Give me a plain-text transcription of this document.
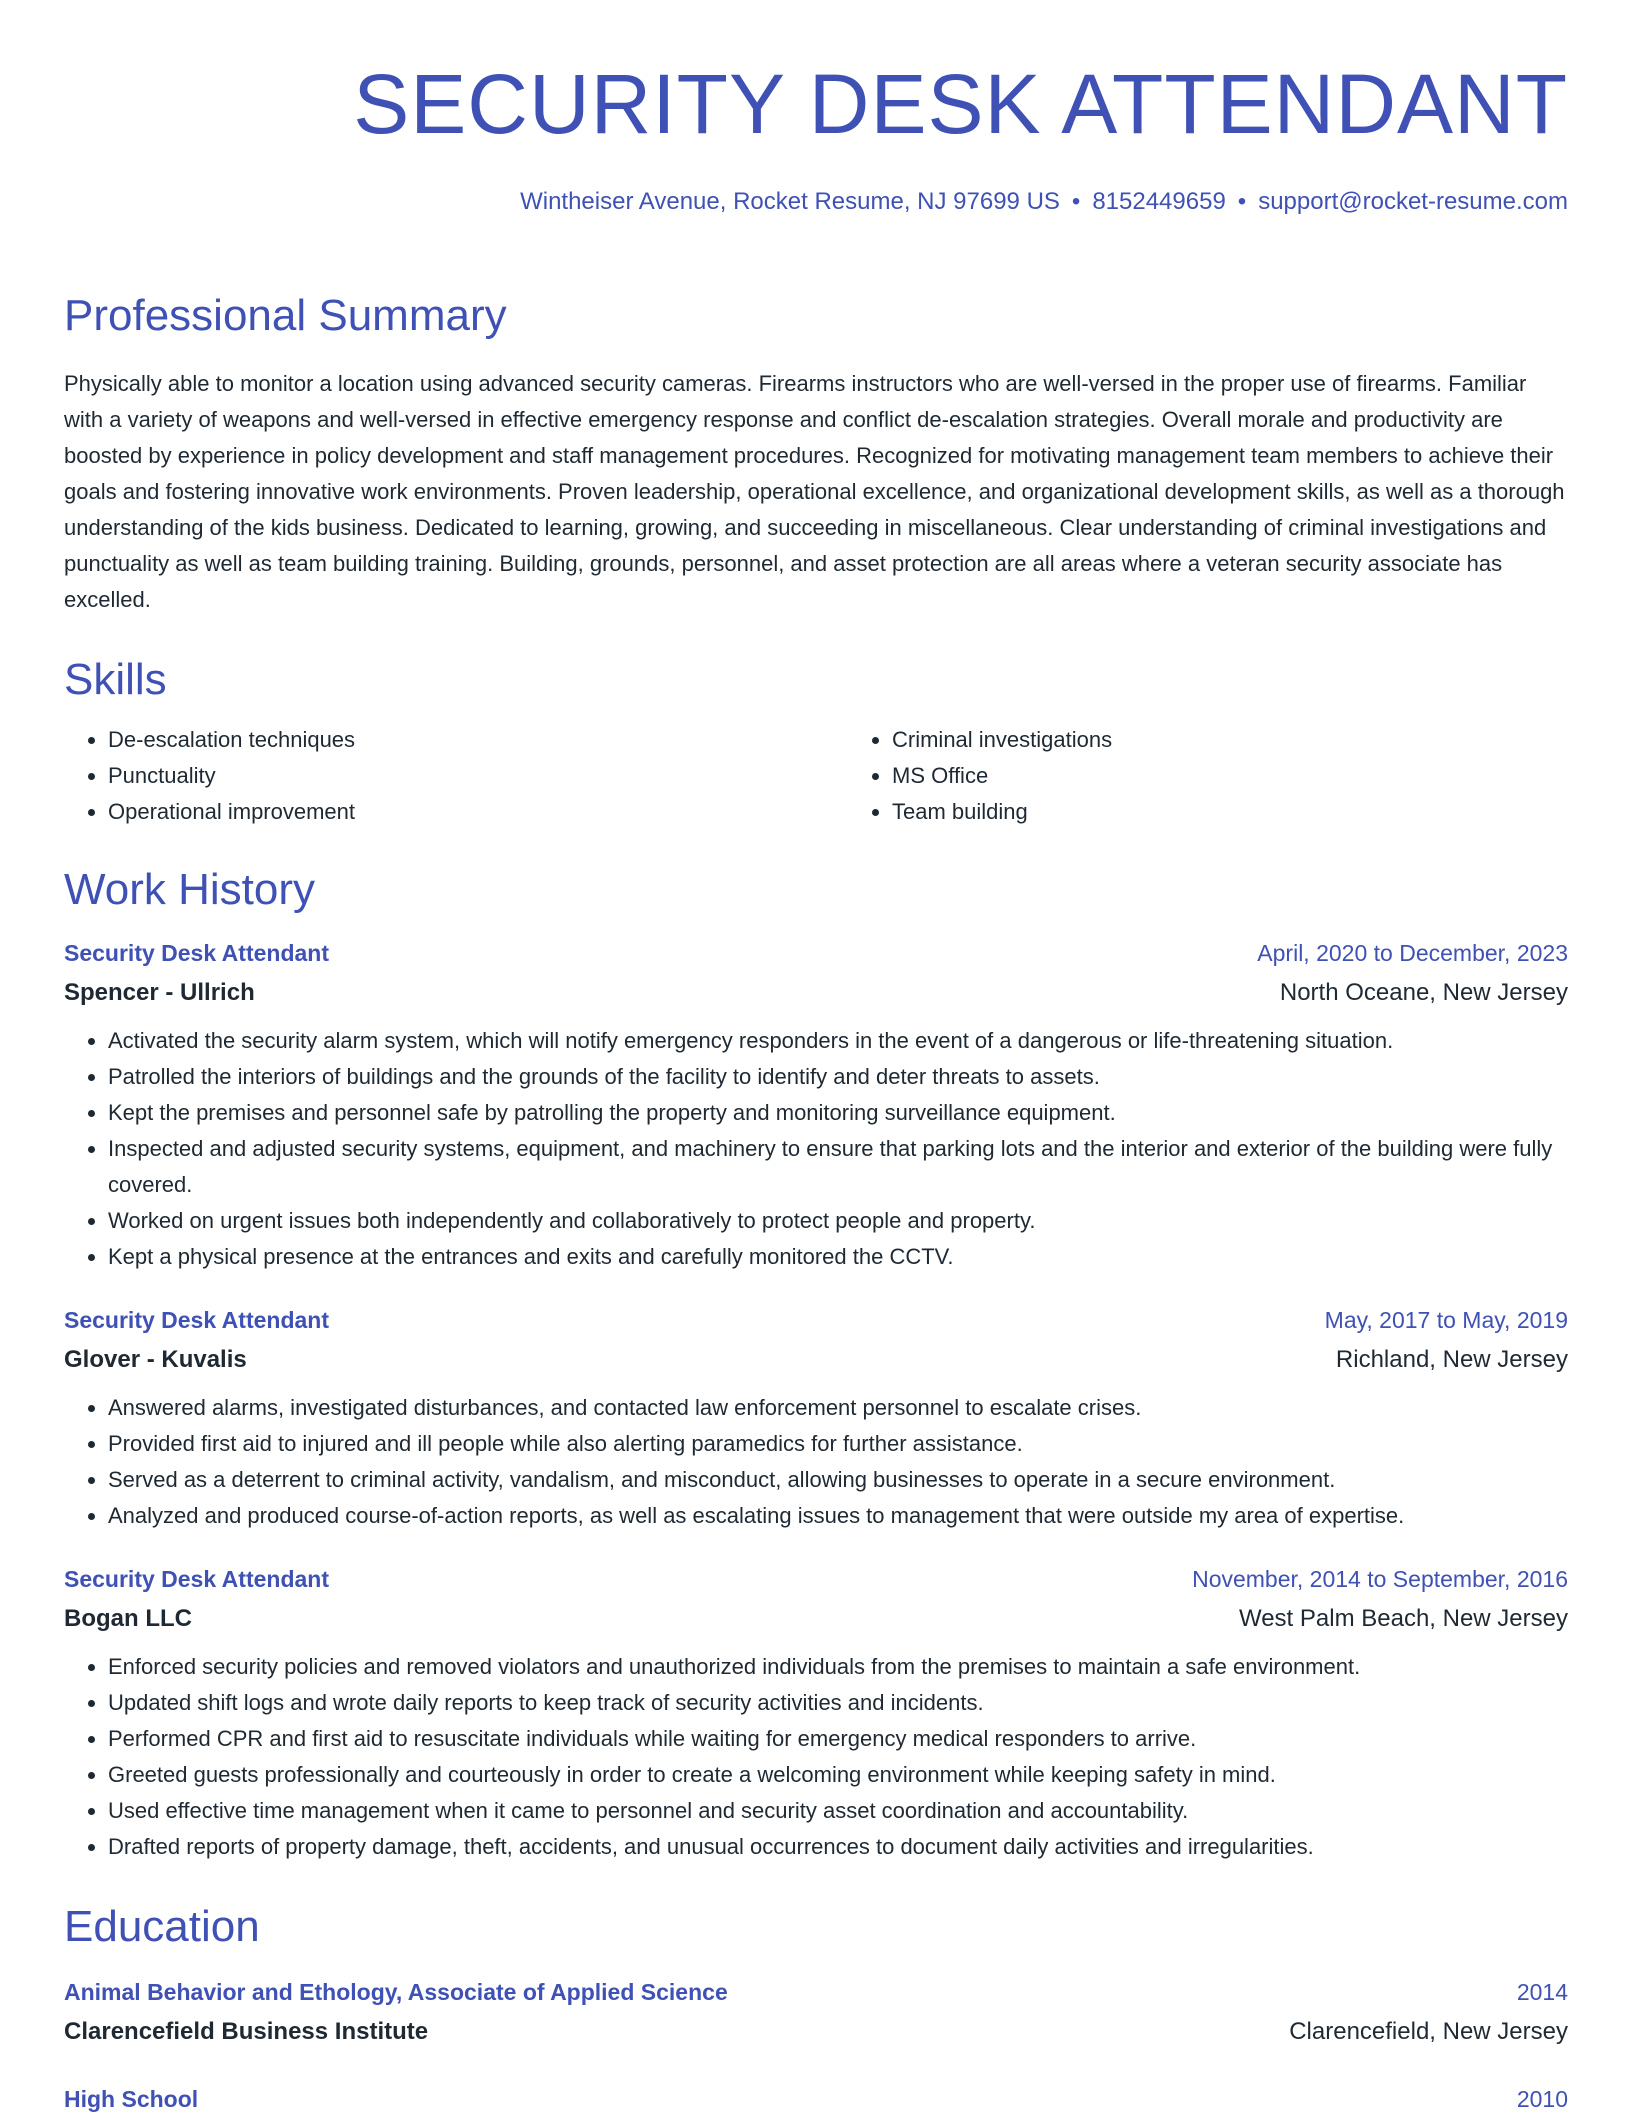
SECURITY DESK ATTENDANT
Wintheiser Avenue, Rocket Resume, NJ 97699 US • 8152449659 • support@rocket-resume.com
Professional Summary
Physically able to monitor a location using advanced security cameras. Firearms instructors who are well-versed in the proper use of firearms. Familiar with a variety of weapons and well-versed in effective emergency response and conflict de-escalation strategies. Overall morale and productivity are boosted by experience in policy development and staff management procedures. Recognized for motivating management team members to achieve their goals and fostering innovative work environments. Proven leadership, operational excellence, and organizational development skills, as well as a thorough understanding of the kids business. Dedicated to learning, growing, and succeeding in miscellaneous. Clear understanding of criminal investigations and punctuality as well as team building training. Building, grounds, personnel, and asset protection are all areas where a veteran security associate has excelled.
Skills
• De-escalation techniques
• Punctuality
• Operational improvement
• Criminal investigations
• MS Office
• Team building
Work History
Security Desk Attendant	April, 2020 to December, 2023
Spencer - Ullrich	North Oceane, New Jersey
• Activated the security alarm system, which will notify emergency responders in the event of a dangerous or life-threatening situation.
• Patrolled the interiors of buildings and the grounds of the facility to identify and deter threats to assets.
• Kept the premises and personnel safe by patrolling the property and monitoring surveillance equipment.
• Inspected and adjusted security systems, equipment, and machinery to ensure that parking lots and the interior and exterior of the building were fully covered.
• Worked on urgent issues both independently and collaboratively to protect people and property.
• Kept a physical presence at the entrances and exits and carefully monitored the CCTV.
Security Desk Attendant	May, 2017 to May, 2019
Glover - Kuvalis	Richland, New Jersey
• Answered alarms, investigated disturbances, and contacted law enforcement personnel to escalate crises.
• Provided first aid to injured and ill people while also alerting paramedics for further assistance.
• Served as a deterrent to criminal activity, vandalism, and misconduct, allowing businesses to operate in a secure environment.
• Analyzed and produced course-of-action reports, as well as escalating issues to management that were outside my area of expertise.
Security Desk Attendant	November, 2014 to September, 2016
Bogan LLC	West Palm Beach, New Jersey
• Enforced security policies and removed violators and unauthorized individuals from the premises to maintain a safe environment.
• Updated shift logs and wrote daily reports to keep track of security activities and incidents.
• Performed CPR and first aid to resuscitate individuals while waiting for emergency medical responders to arrive.
• Greeted guests professionally and courteously in order to create a welcoming environment while keeping safety in mind.
• Used effective time management when it came to personnel and security asset coordination and accountability.
• Drafted reports of property damage, theft, accidents, and unusual occurrences to document daily activities and irregularities.
Education
Animal Behavior and Ethology, Associate of Applied Science	2014
Clarencefield Business Institute	Clarencefield, New Jersey
High School	2010
